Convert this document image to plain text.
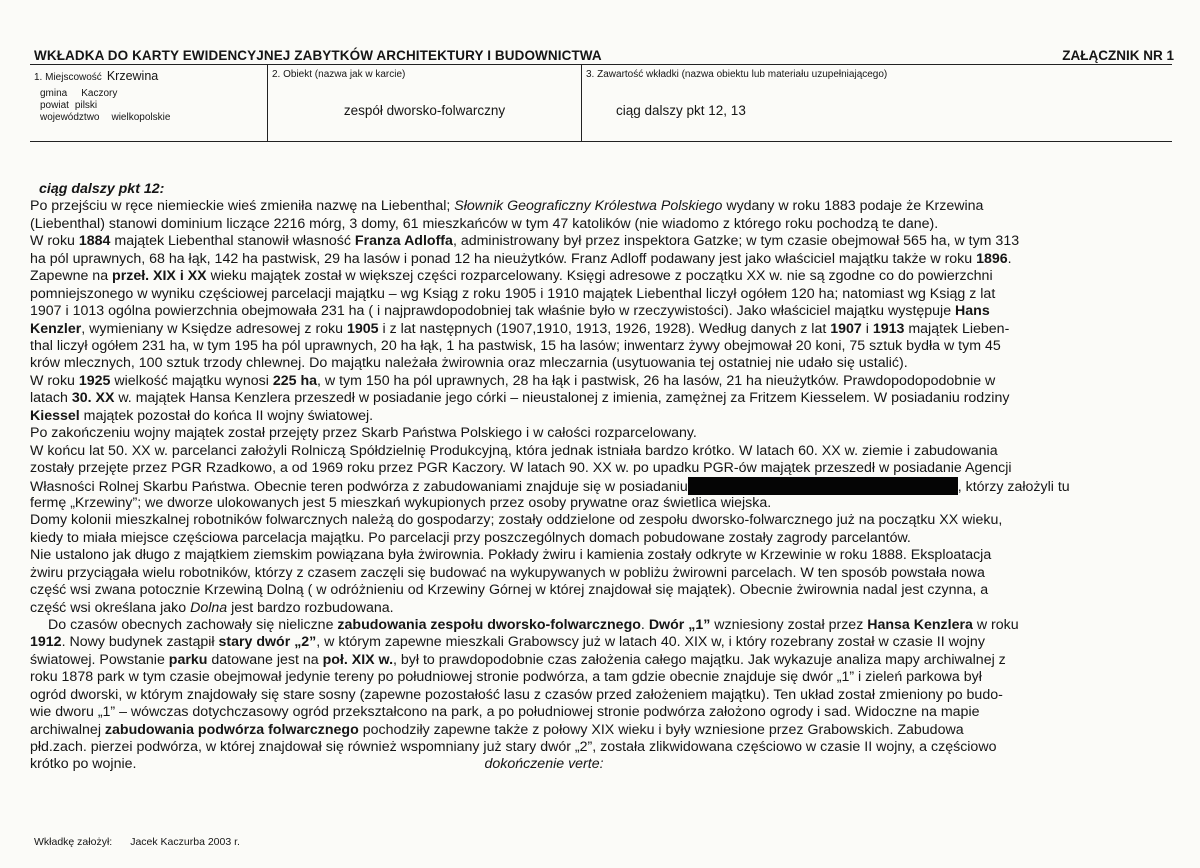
WKŁADKA DO KARTY EWIDENCYJNEJ ZABYTKÓW ARCHITEKTURY I BUDOWNICTWA	ZAŁĄCZNIK NR 1
1. Miejscowość Krzewina
gmina Kaczory
powiat pilski
województwo wielkopolskie
2. Obiekt (nazwa jak w karcie)
zespół dworsko-folwarczny
3. Zawartość wkładki (nazwa obiektu lub materiału uzupełniającego)
ciąg dalszy pkt 12, 13
ciąg dalszy pkt 12:
Po przejściu w ręce niemieckie wieś zmieniła nazwę na Liebenthal; Słownik Geograficzny Królestwa Polskiego wydany w roku 1883 podaje że Krzewina
(Liebenthal) stanowi dominium liczące 2216 mórg, 3 domy, 61 mieszkańców w tym 47 katolików (nie wiadomo z którego roku pochodzą te dane).
W roku 1884 majątek Liebenthal stanowił własność Franza Adloffa, administrowany był przez inspektora Gatzke; w tym czasie obejmował 565 ha, w tym 313
ha pól uprawnych, 68 ha łąk, 142 ha pastwisk, 29 ha lasów i ponad 12 ha nieużytków. Franz Adloff podawany jest jako właściciel majątku także w roku 1896.
Zapewne na przeł. XIX i XX wieku majątek został w większej części rozparcelowany. Księgi adresowe z początku XX w. nie są zgodne co do powierzchni
pomniejszonego w wyniku częściowej parcelacji majątku – wg Ksiąg z roku 1905 i 1910 majątek Liebenthal liczył ogółem 120 ha; natomiast wg Ksiąg z lat
1907 i 1013 ogólna powierzchnia obejmowała 231 ha ( i najprawdopodobniej tak właśnie było w rzeczywistości). Jako właściciel majątku występuje Hans
Kenzler, wymieniany w Księdze adresowej z roku 1905 i z lat następnych (1907,1910, 1913, 1926, 1928). Według danych z lat 1907 i 1913 majątek Lieben-
thal liczył ogółem 231 ha, w tym 195 ha pól uprawnych, 20 ha łąk, 1 ha pastwisk, 15 ha lasów; inwentarz żywy obejmował 20 koni, 75 sztuk bydła w tym 45
krów mlecznych, 100 sztuk trzody chlewnej. Do majątku należała żwirownia oraz mleczarnia (usytuowania tej ostatniej nie udało się ustalić).
W roku 1925 wielkość majątku wynosi 225 ha, w tym 150 ha pól uprawnych, 28 ha łąk i pastwisk, 26 ha lasów, 21 ha nieużytków. Prawdopodopodobnie w
latach 30. XX w. majątek Hansa Kenzlera przeszedł w posiadanie jego córki – nieustalonej z imienia, zamężnej za Fritzem Kiesselem. W posiadaniu rodziny
Kiessel majątek pozostał do końca II wojny światowej.
Po zakończeniu wojny majątek został przejęty przez Skarb Państwa Polskiego i w całości rozparcelowany.
W końcu lat 50. XX w. parcelanci założyli Rolniczą Spółdzielnię Produkcyjną, która jednak istniała bardzo krótko. W latach 60. XX w. ziemie i zabudowania
zostały przejęte przez PGR Rzadkowo, a od 1969 roku przez PGR Kaczory. W latach 90. XX w. po upadku PGR-ów majątek przeszedł w posiadanie Agencji
Własności Rolnej Skarbu Państwa. Obecnie teren podwórza z zabudowaniami znajduje się w posiadaniu	, którzy założyli tu
fermę „Krzewiny”; we dworze ulokowanych jest 5 mieszkań wykupionych przez osoby prywatne oraz świetlica wiejska.
Domy kolonii mieszkalnej robotników folwarcznych należą do gospodarzy; zostały oddzielone od zespołu dworsko-folwarcznego już na początku XX wieku,
kiedy to miała miejsce częściowa parcelacja majątku. Po parcelacji przy poszczególnych domach pobudowane zostały zagrody parcelantów.
Nie ustalono jak długo z majątkiem ziemskim powiązana była żwirownia. Pokłady żwiru i kamienia zostały odkryte w Krzewinie w roku 1888. Eksploatacja
żwiru przyciągała wielu robotników, którzy z czasem zaczęli się budować na wykupywanych w pobliżu żwirowni parcelach. W ten sposób powstała nowa
część wsi zwana potocznie Krzewiną Dolną ( w odróżnieniu od Krzewiny Górnej w której znajdował się majątek). Obecnie żwirownia nadal jest czynna, a
część wsi określana jako Dolna jest bardzo rozbudowana.
Do czasów obecnych zachowały się nieliczne zabudowania zespołu dworsko-folwarcznego. Dwór „1” wzniesiony został przez Hansa Kenzlera w roku
1912. Nowy budynek zastąpił stary dwór „2”, w którym zapewne mieszkali Grabowscy już w latach 40. XIX w, i który rozebrany został w czasie II wojny
światowej. Powstanie parku datowane jest na poł. XIX w., był to prawdopodobnie czas założenia całego majątku. Jak wykazuje analiza mapy archiwalnej z
roku 1878 park w tym czasie obejmował jedynie tereny po południowej stronie podwórza, a tam gdzie obecnie znajduje się dwór „1” i zieleń parkowa był
ogród dworski, w którym znajdowały się stare sosny (zapewne pozostałość lasu z czasów przed założeniem majątku). Ten układ został zmieniony po budo-
wie dworu „1” – wówczas dotychczasowy ogród przekształcono na park, a po południowej stronie podwórza założono ogrody i sad. Widoczne na mapie
archiwalnej zabudowania podwórza folwarcznego pochodziły zapewne także z połowy XIX wieku i były wzniesione przez Grabowskich. Zabudowa
płd.zach. pierzei podwórza, w której znajdował się również wspomniany już stary dwór „2”, została zlikwidowana częściowo w czasie II wojny, a częściowo
krótko po wojnie.	dokończenie verte:
Wkładkę założył: Jacek Kaczurba 2003 r.
